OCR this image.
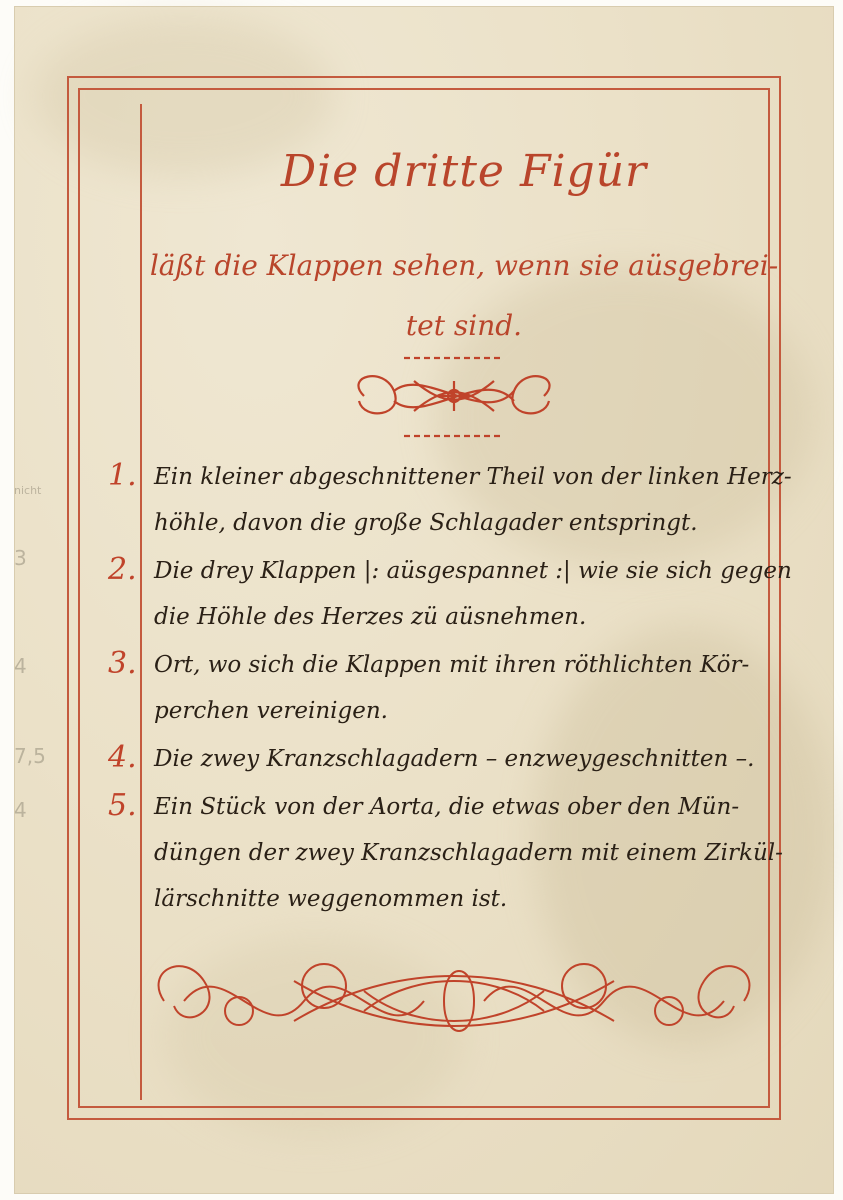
Die dritte Figür
läßt die Klappen sehen, wenn sie aüsgebrei-
tet sind.
3
4
7,5
4
nicht 1. Ein kleiner abgeschnittener Theil von der linken Herz-
höhle, davon die große Schlagader entspringt.
2. Die drey Klappen |: aüsgespannet :| wie sie sich gegen
die Höhle des Herzes zü aüsnehmen.
3. Ort, wo sich die Klappen mit ihren röthlichten Kör-
perchen vereinigen.
4. Die zwey Kranzschlagadern – enzweygeschnitten –.
5. Ein Stück von der Aorta, die etwas ober den Mün-
düngen der zwey Kranzschlagadern mit einem Zirkül-
lärschnitte weggenommen ist.
